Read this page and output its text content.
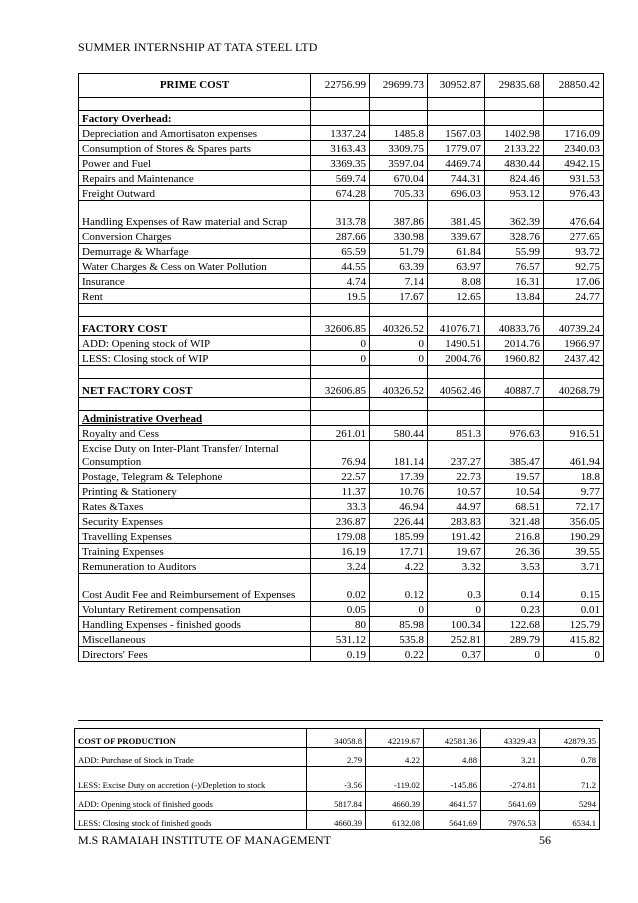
SUMMER INTERNSHIP AT TATA STEEL LTD
PRIME COST	22756.99	29699.73	30952.87	29835.68	28850.42

Factory Overhead:					
Depreciation and Amortisaton expenses	1337.24	1485.8	1567.03	1402.98	1716.09
Consumption of Stores & Spares parts	3163.43	3309.75	1779.07	2133.22	2340.03
Power and Fuel	3369.35	3597.04	4469.74	4830.44	4942.15
Repairs and Maintenance	569.74	670.04	744.31	824.46	931.53
Freight Outward	674.28	705.33	696.03	953.12	976.43
Handling Expenses of Raw material and Scrap	313.78	387.86	381.45	362.39	476.64
Conversion Charges	287.66	330.98	339.67	328.76	277.65
Demurrage & Wharfage	65.59	51.79	61.84	55.99	93.72
Water Charges & Cess on Water Pollution	44.55	63.39	63.97	76.57	92.75
Insurance	4.74	7.14	8.08	16.31	17.06
Rent	19.5	17.67	12.65	13.84	24.77

FACTORY COST	32606.85	40326.52	41076.71	40833.76	40739.24
ADD: Opening stock of WIP	0	0	1490.51	2014.76	1966.97
LESS: Closing stock of WIP	0	0	2004.76	1960.82	2437.42

NET FACTORY COST	32606.85	40326.52	40562.46	40887.7	40268.79

Administrative Overhead					
Royalty and Cess	261.01	580.44	851.3	976.63	916.51
Excise Duty on Inter-Plant Transfer/ Internal Consumption	76.94	181.14	237.27	385.47	461.94
Postage, Telegram & Telephone	22.57	17.39	22.73	19.57	18.8
Printing & Stationery	11.37	10.76	10.57	10.54	9.77
Rates &Taxes	33.3	46.94	44.97	68.51	72.17
Security Expenses	236.87	226.44	283.83	321.48	356.05
Travelling Expenses	179.08	185.99	191.42	216.8	190.29
Training Expenses	16.19	17.71	19.67	26.36	39.55
Remuneration to Auditors	3.24	4.22	3.32	3.53	3.71
Cost Audit Fee and Reimbursement of Expenses	0.02	0.12	0.3	0.14	0.15
Voluntary Retirement compensation	0.05	0	0	0.23	0.01
Handling Expenses - finished goods	80	85.98	100.34	122.68	125.79
Miscellaneous	531.12	535.8	252.81	289.79	415.82
Directors' Fees	0.19	0.22	0.37	0	0
COST OF PRODUCTION	34058.8	42219.67	42581.36	43329.43	42879.35
ADD: Purchase of Stock in Trade	2.79	4.22	4.88	3.21	0.78
LESS: Excise Duty on accretion (-)/Depletion to stock	-3.56	-119.02	-145.86	-274.81	71.2
ADD: Opening stock of finished goods	5817.84	4660.39	4641.57	5641.69	5294
LESS: Closing stock of finished goods	4660.39	6132.08	5641.69	7976.53	6534.1
M.S RAMAIAH INSTITUTE OF MANAGEMENT	56
